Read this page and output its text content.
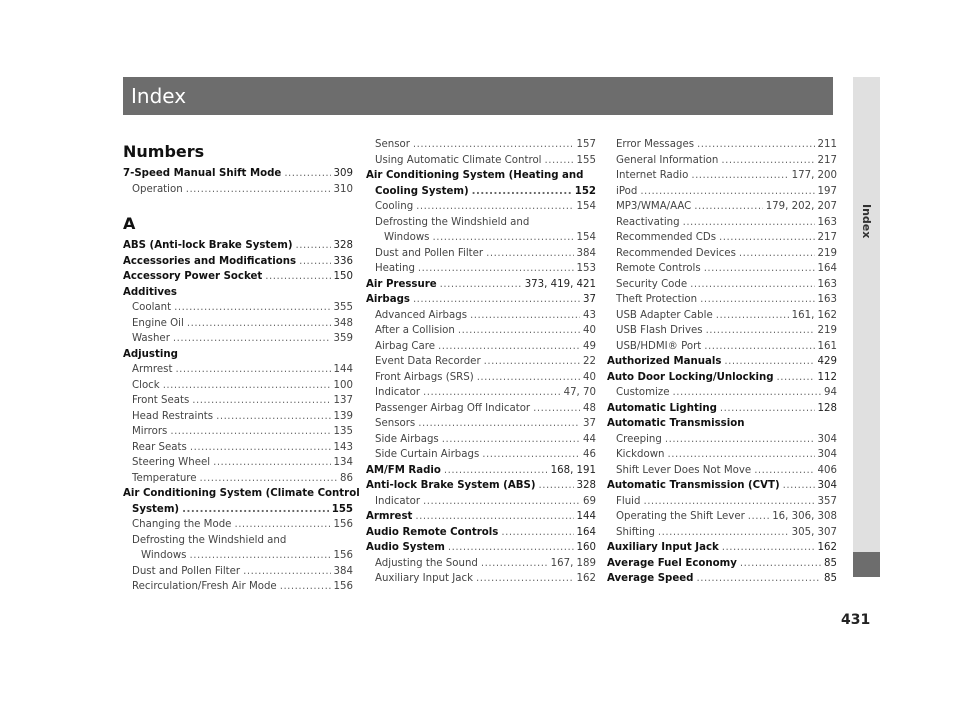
Index
Index
431
Numbers
7-Speed Manual Shift Mode .....	309
Operation .....	310
A
ABS (Anti-lock Brake System) .....	328
Accessories and Modifications .....	336
Accessory Power Socket .....	150
Additives
Coolant .....	355
Engine Oil .....	348
Washer .....	359
Adjusting
Armrest .....	144
Clock .....	100
Front Seats .....	137
Head Restraints .....	139
Mirrors .....	135
Rear Seats .....	143
Steering Wheel .....	134
Temperature .....	86
Air Conditioning System (Climate Control
System) .....	155
Changing the Mode .....	156
Defrosting the Windshield and
Windows .....	156
Dust and Pollen Filter .....	384
Recirculation/Fresh Air Mode .....	156
Sensor .....	157
Using Automatic Climate Control .....	155
Air Conditioning System (Heating and
Cooling System) .....	152
Cooling .....	154
Defrosting the Windshield and
Windows .....	154
Dust and Pollen Filter .....	384
Heating .....	153
Air Pressure .....	373, 419, 421
Airbags .....	37
Advanced Airbags .....	43
After a Collision .....	40
Airbag Care .....	49
Event Data Recorder .....	22
Front Airbags (SRS) .....	40
Indicator .....	47, 70
Passenger Airbag Off Indicator .....	48
Sensors .....	37
Side Airbags .....	44
Side Curtain Airbags .....	46
AM/FM Radio .....	168, 191
Anti-lock Brake System (ABS) .....	328
Indicator .....	69
Armrest .....	144
Audio Remote Controls .....	164
Audio System .....	160
Adjusting the Sound .....	167, 189
Auxiliary Input Jack .....	162
Error Messages .....	211
General Information .....	217
Internet Radio .....	177, 200
iPod .....	197
MP3/WMA/AAC .....	179, 202, 207
Reactivating .....	163
Recommended CDs .....	217
Recommended Devices .....	219
Remote Controls .....	164
Security Code .....	163
Theft Protection .....	163
USB Adapter Cable .....	161, 162
USB Flash Drives .....	219
USB/HDMI® Port .....	161
Authorized Manuals .....	429
Auto Door Locking/Unlocking .....	112
Customize .....	94
Automatic Lighting .....	128
Automatic Transmission
Creeping .....	304
Kickdown .....	304
Shift Lever Does Not Move .....	406
Automatic Transmission (CVT) .....	304
Fluid .....	357
Operating the Shift Lever .....	16, 306, 308
Shifting .....	305, 307
Auxiliary Input Jack .....	162
Average Fuel Economy .....	85
Average Speed .....	85
